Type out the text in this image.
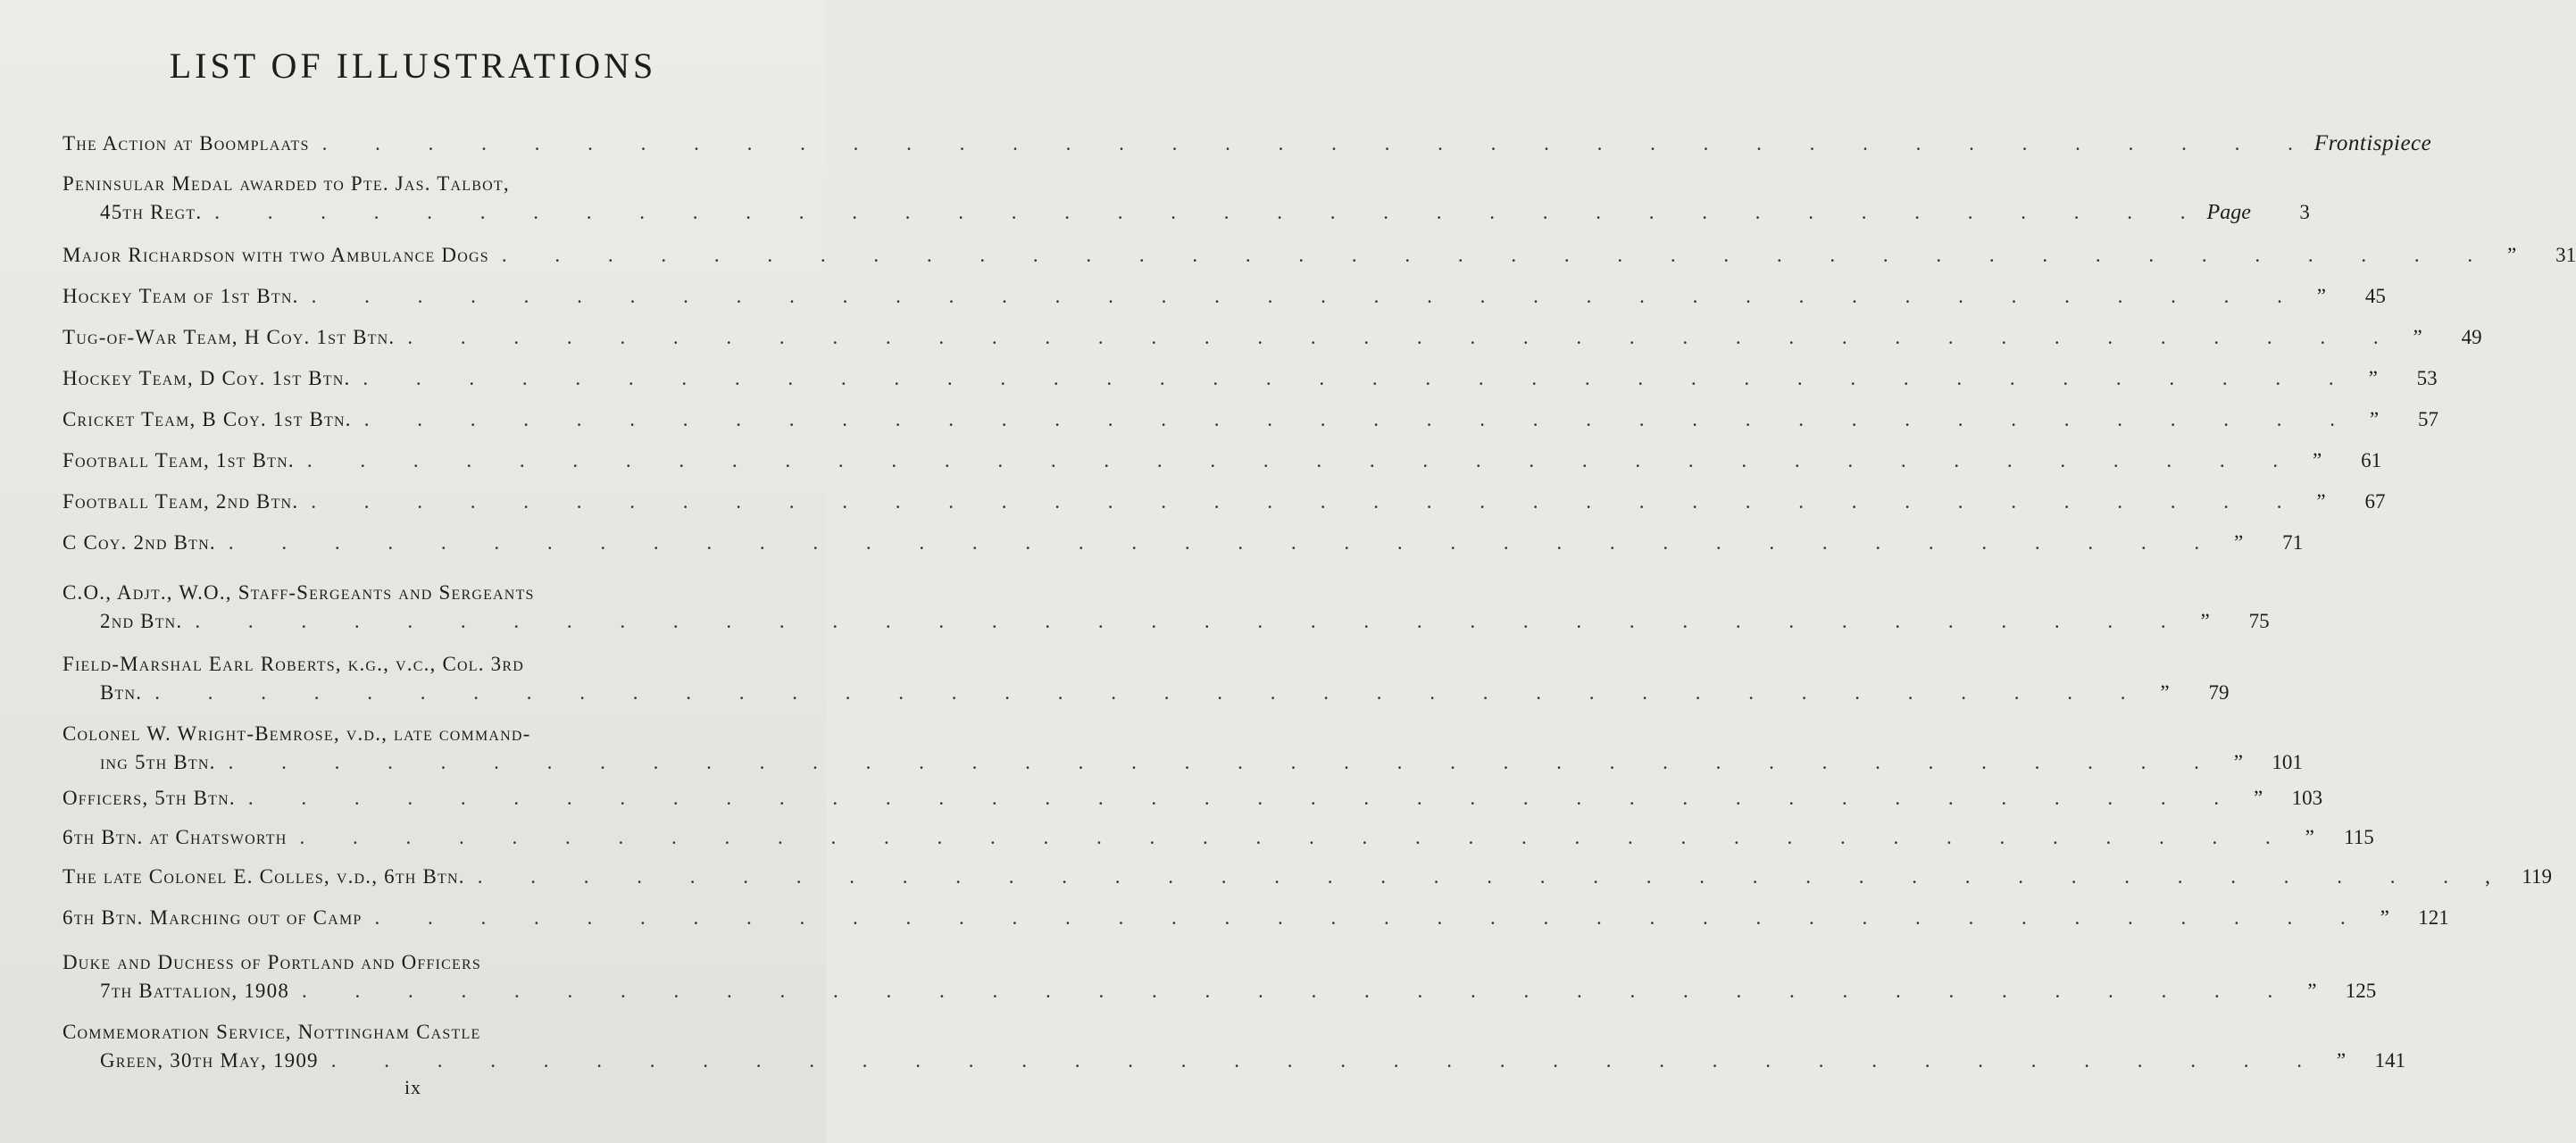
LIST OF ILLUSTRATIONS
The Action at Boomplaats . . . . . . . . . . . . . . . . . . . . . . . . . . . . . . . . . . . . . . Frontispiece
Peninsular Medal awarded to Pte. Jas. Talbot,
45th Regt. . . . . . . . . . . . . . . . . . . . . . . . . . . . . . . . . . . . . . . Page	3
Major Richardson with two Ambulance Dogs . . . . . . . . . . . . . . . . . . . . . . . . . . . . . . . . . . . . . . ”	31
Hockey Team of 1st Btn. . . . . . . . . . . . . . . . . . . . . . . . . . . . . . . . . . . . . . . ”	45
Tug-of-War Team, H Coy. 1st Btn. . . . . . . . . . . . . . . . . . . . . . . . . . . . . . . . . . . . . . . ”	49
Hockey Team, D Coy. 1st Btn. . . . . . . . . . . . . . . . . . . . . . . . . . . . . . . . . . . . . . . ”	53
Cricket Team, B Coy. 1st Btn. . . . . . . . . . . . . . . . . . . . . . . . . . . . . . . . . . . . . . . ”	57
Football Team, 1st Btn. . . . . . . . . . . . . . . . . . . . . . . . . . . . . . . . . . . . . . . ”	61
Football Team, 2nd Btn. . . . . . . . . . . . . . . . . . . . . . . . . . . . . . . . . . . . . . . ”	67
C Coy. 2nd Btn. . . . . . . . . . . . . . . . . . . . . . . . . . . . . . . . . . . . . . . ”	71
C.O., Adjt., W.O., Staff-Sergeants and Sergeants
2nd Btn. . . . . . . . . . . . . . . . . . . . . . . . . . . . . . . . . . . . . . . ”	75
Field-Marshal Earl Roberts, k.g., v.c., Col. 3rd
Btn. . . . . . . . . . . . . . . . . . . . . . . . . . . . . . . . . . . . . . . ”	79
Colonel W. Wright-Bemrose, v.d., late command-
ing 5th Btn. . . . . . . . . . . . . . . . . . . . . . . . . . . . . . . . . . . . . . . ”	101
Officers, 5th Btn. . . . . . . . . . . . . . . . . . . . . . . . . . . . . . . . . . . . . . . ”	103
6th Btn. at Chatsworth . . . . . . . . . . . . . . . . . . . . . . . . . . . . . . . . . . . . . . ”	115
The late Colonel E. Colles, v.d., 6th Btn. . . . . . . . . . . . . . . . . . . . . . . . . . . . . . . . . . . . . . . ,	119
6th Btn. Marching out of Camp . . . . . . . . . . . . . . . . . . . . . . . . . . . . . . . . . . . . . . ”	121
Duke and Duchess of Portland and Officers
7th Battalion, 1908 . . . . . . . . . . . . . . . . . . . . . . . . . . . . . . . . . . . . . . ”	125
Commemoration Service, Nottingham Castle
Green, 30th May, 1909 . . . . . . . . . . . . . . . . . . . . . . . . . . . . . . . . . . . . . . ”	141
ix
